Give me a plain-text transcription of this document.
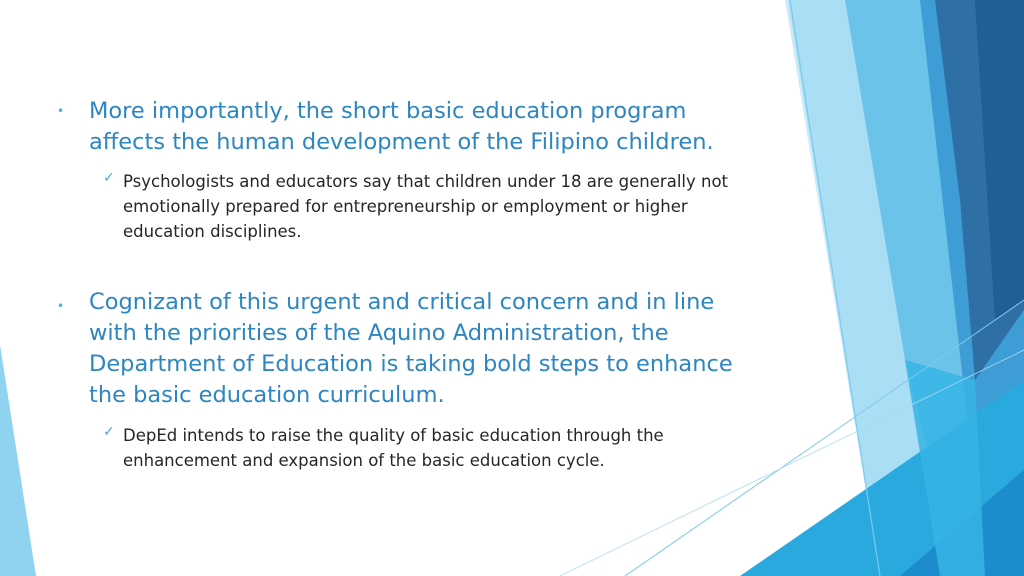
• More importantly, the short basic education program affects the human development of the Filipino children.
✓ Psychologists and educators say that children under 18 are generally not emotionally prepared for entrepreneurship or employment or higher education disciplines.
• Cognizant of this urgent and critical concern and in line with the priorities of the Aquino Administration, the Department of Education is taking bold steps to enhance the basic education curriculum.
✓ DepEd intends to raise the quality of basic education through the enhancement and expansion of the basic education cycle.
